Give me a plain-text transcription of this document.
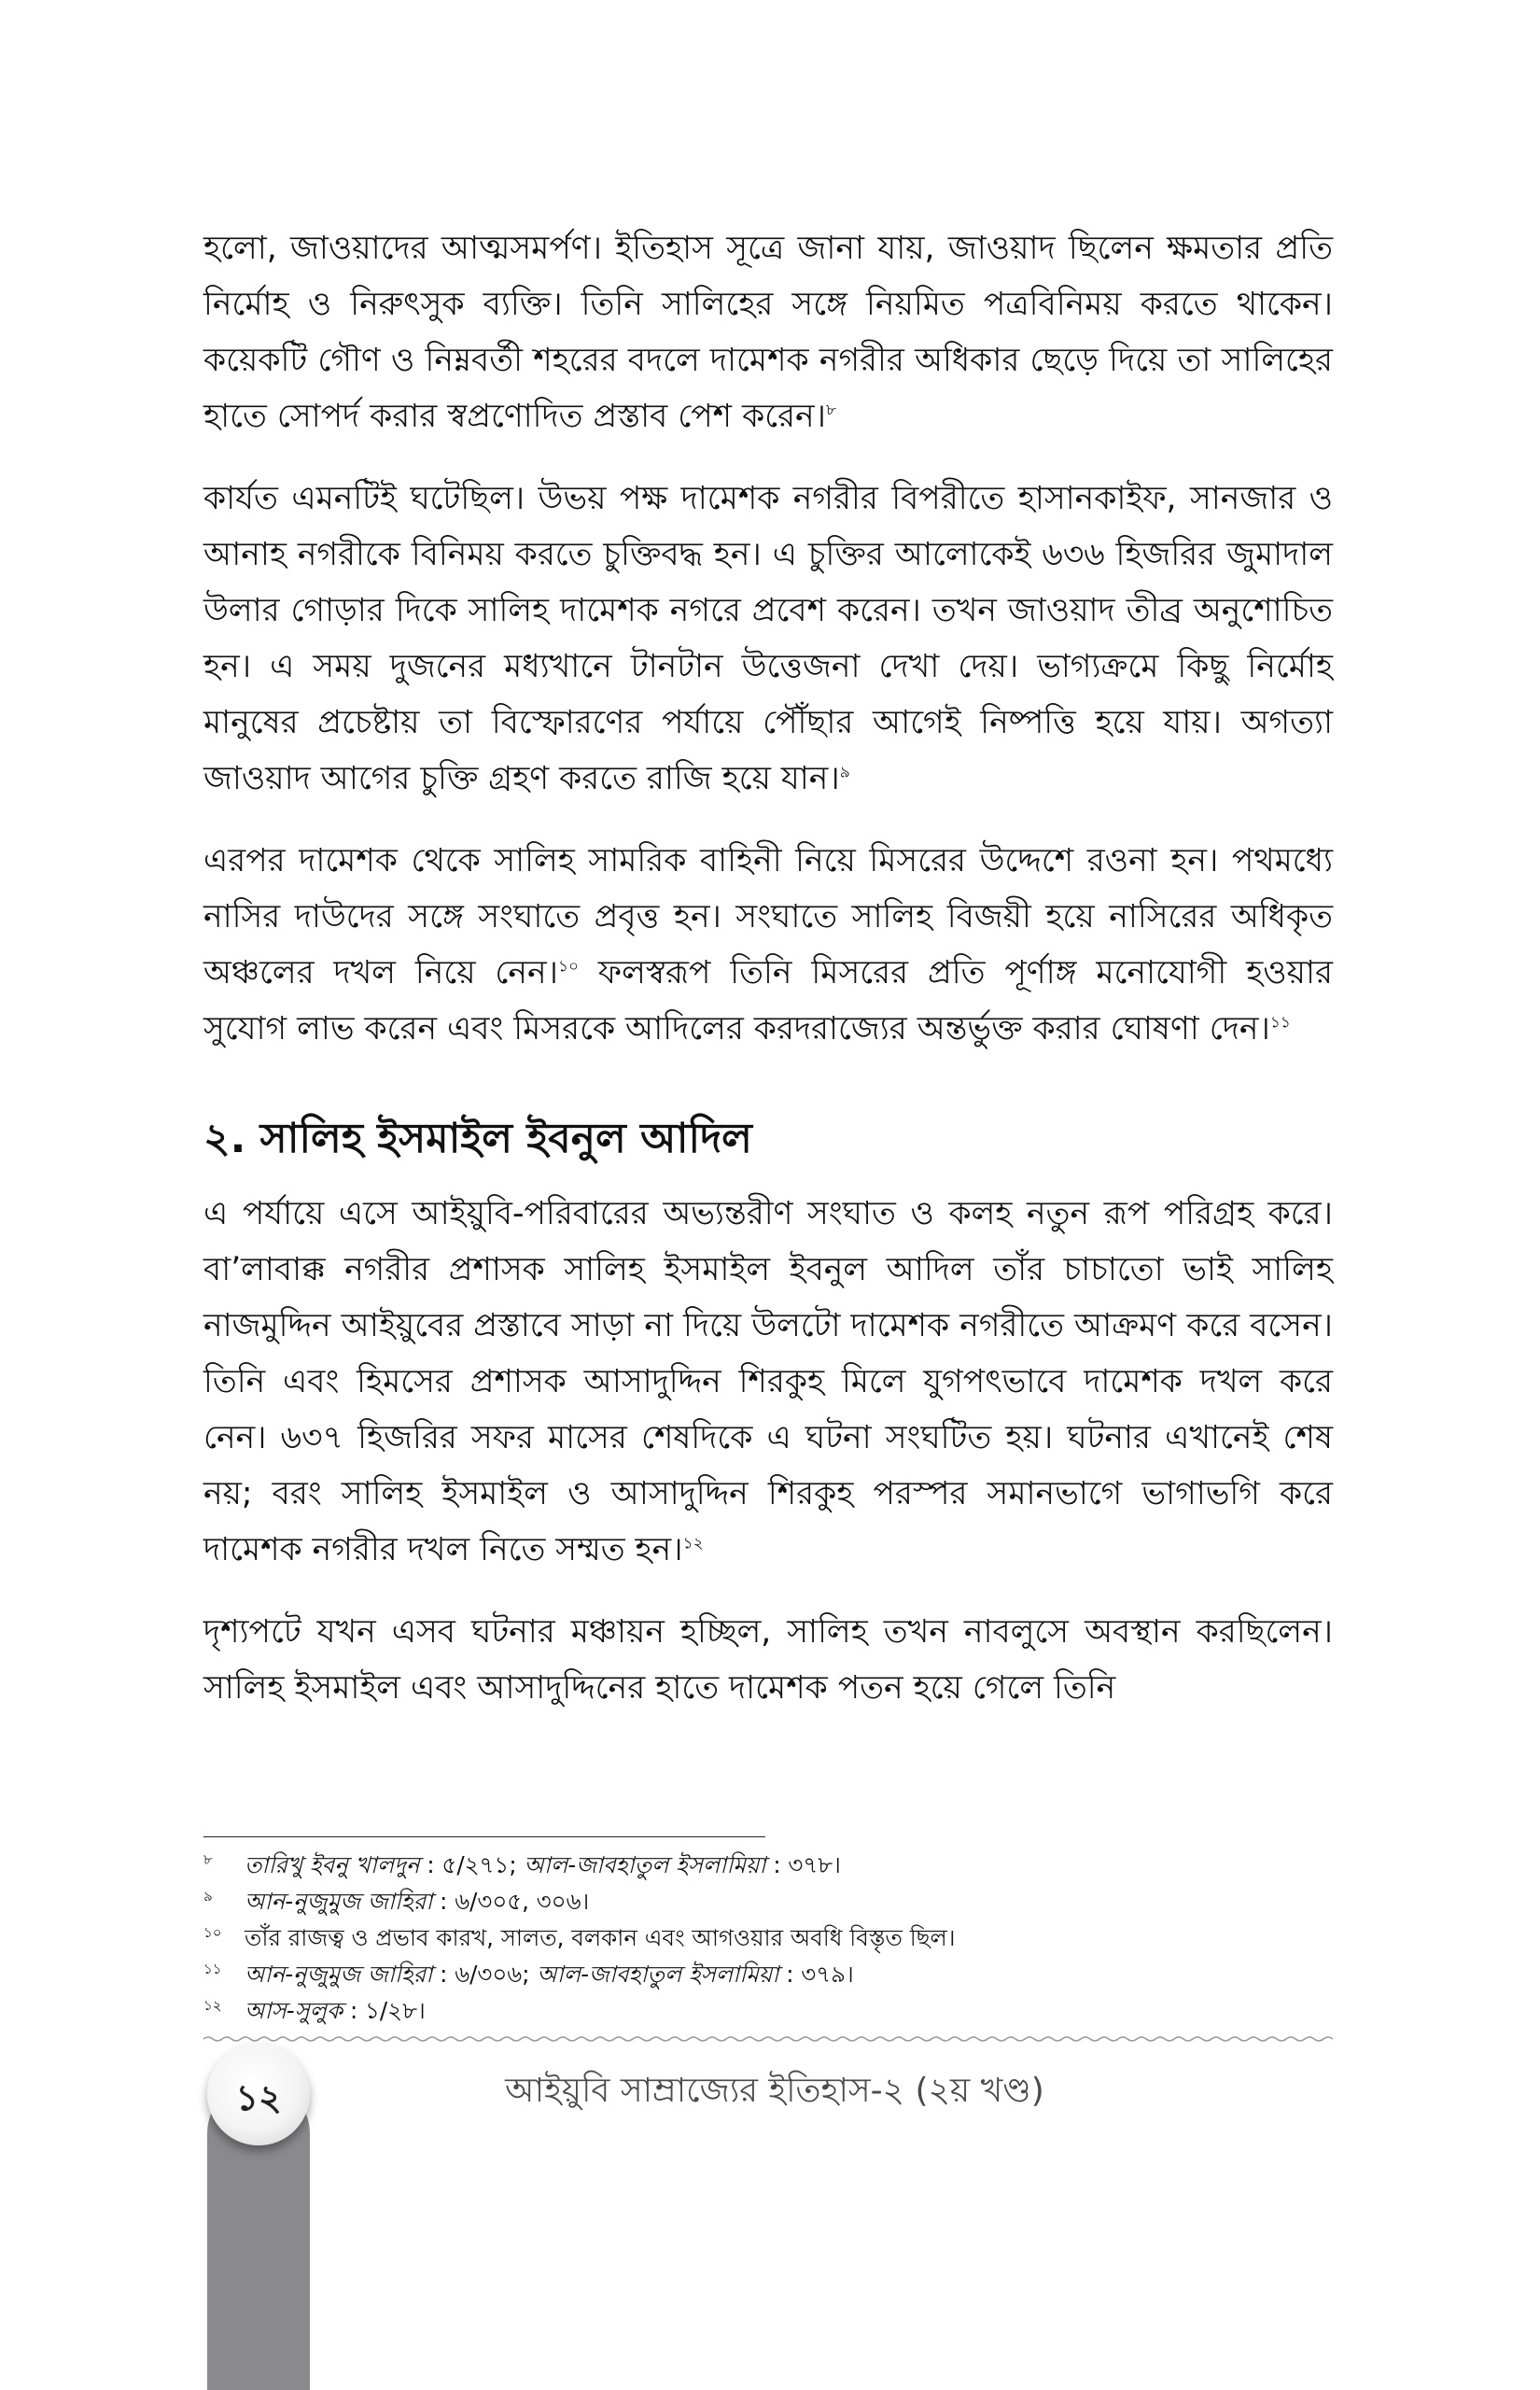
হলো, জাওয়াদের আত্মসমর্পণ। ইতিহাস সূত্রে জানা যায়, জাওয়াদ ছিলেন ক্ষমতার প্রতি নির্মোহ ও নিরুৎসুক ব্যক্তি। তিনি সালিহের সঙ্গে নিয়মিত পত্রবিনিময় করতে থাকেন। কয়েকটি গৌণ ও নিম্নবর্তী শহরের বদলে দামেশক নগরীর অধিকার ছেড়ে দিয়ে তা সালিহের হাতে সোপর্দ করার স্বপ্রণোদিত প্রস্তাব পেশ করেন।$^৮$

কার্যত এমনটিই ঘটেছিল। উভয় পক্ষ দামেশক নগরীর বিপরীতে হাসানকাইফ, সানজার ও আনাহ নগরীকে বিনিময় করতে চুক্তিবদ্ধ হন। এ চুক্তির আলোকেই ৬৩৬ হিজরির জুমাদাল উলার গোড়ার দিকে সালিহ দামেশক নগরে প্রবেশ করেন। তখন জাওয়াদ তীব্র অনুশোচিত হন। এ সময় দুজনের মধ্যখানে টানটান উত্তেজনা দেখা দেয়। ভাগ্যক্রমে কিছু নির্মোহ মানুষের প্রচেষ্টায় তা বিস্ফোরণের পর্যায়ে পৌঁছার আগেই নিষ্পত্তি হয়ে যায়। অগত্যা জাওয়াদ আগের চুক্তি গ্রহণ করতে রাজি হয়ে যান।$^৯$

এরপর দামেশক থেকে সালিহ সামরিক বাহিনী নিয়ে মিসরের উদ্দেশে রওনা হন। পথমধ্যে নাসির দাউদের সঙ্গে সংঘাতে প্রবৃত্ত হন। সংঘাতে সালিহ বিজয়ী হয়ে নাসিরের অধিকৃত অঞ্চলের দখল নিয়ে নেন।$^{১০}$ ফলস্বরূপ তিনি মিসরের প্রতি পূর্ণাঙ্গ মনোযোগী হওয়ার সুযোগ লাভ করেন এবং মিসরকে আদিলের করদরাজ্যের অন্তর্ভুক্ত করার ঘোষণা দেন।$^{১১}$

২. সালিহ ইসমাইল ইবনুল আদিল

এ পর্যায়ে এসে আইয়ুবি-পরিবারের অভ্যন্তরীণ সংঘাত ও কলহ নতুন রূপ পরিগ্রহ করে। বা’লাবাক্ক নগরীর প্রশাসক সালিহ ইসমাইল ইবনুল আদিল তাঁর চাচাতো ভাই সালিহ নাজমুদ্দিন আইয়ুবের প্রস্তাবে সাড়া না দিয়ে উলটো দামেশক নগরীতে আক্রমণ করে বসেন। তিনি এবং হিমসের প্রশাসক আসাদুদ্দিন শিরকুহ মিলে যুগপৎভাবে দামেশক দখল করে নেন। ৬৩৭ হিজরির সফর মাসের শেষদিকে এ ঘটনা সংঘটিত হয়। ঘটনার এখানেই শেষ নয়; বরং সালিহ ইসমাইল ও আসাদুদ্দিন শিরকুহ পরস্পর সমানভাগে ভাগাভগি করে দামেশক নগরীর দখল নিতে সম্মত হন।$^{১২}$

দৃশ্যপটে যখন এসব ঘটনার মঞ্চায়ন হচ্ছিল, সালিহ তখন নাবলুসে অবস্থান করছিলেন। সালিহ ইসমাইল এবং আসাদুদ্দিনের হাতে দামেশক পতন হয়ে গেলে তিনি

৮ তারিখু ইবনু খালদুন : ৫/২৭১; আল-জাবহাতুল ইসলামিয়া : ৩৭৮।
৯ আন-নুজুমুজ জাহিরা : ৬/৩০৫, ৩০৬।
১০ তাঁর রাজত্ব ও প্রভাব কারখ, সালত, বলকান এবং আগওয়ার অবধি বিস্তৃত ছিল।
১১ আন-নুজুমুজ জাহিরা : ৬/৩০৬; আল-জাবহাতুল ইসলামিয়া : ৩৭৯।
১২ আস-সুলুক : ১/২৮।
১২	আইয়ুবি সাম্রাজ্যের ইতিহাস-২ (২য় খণ্ড)
